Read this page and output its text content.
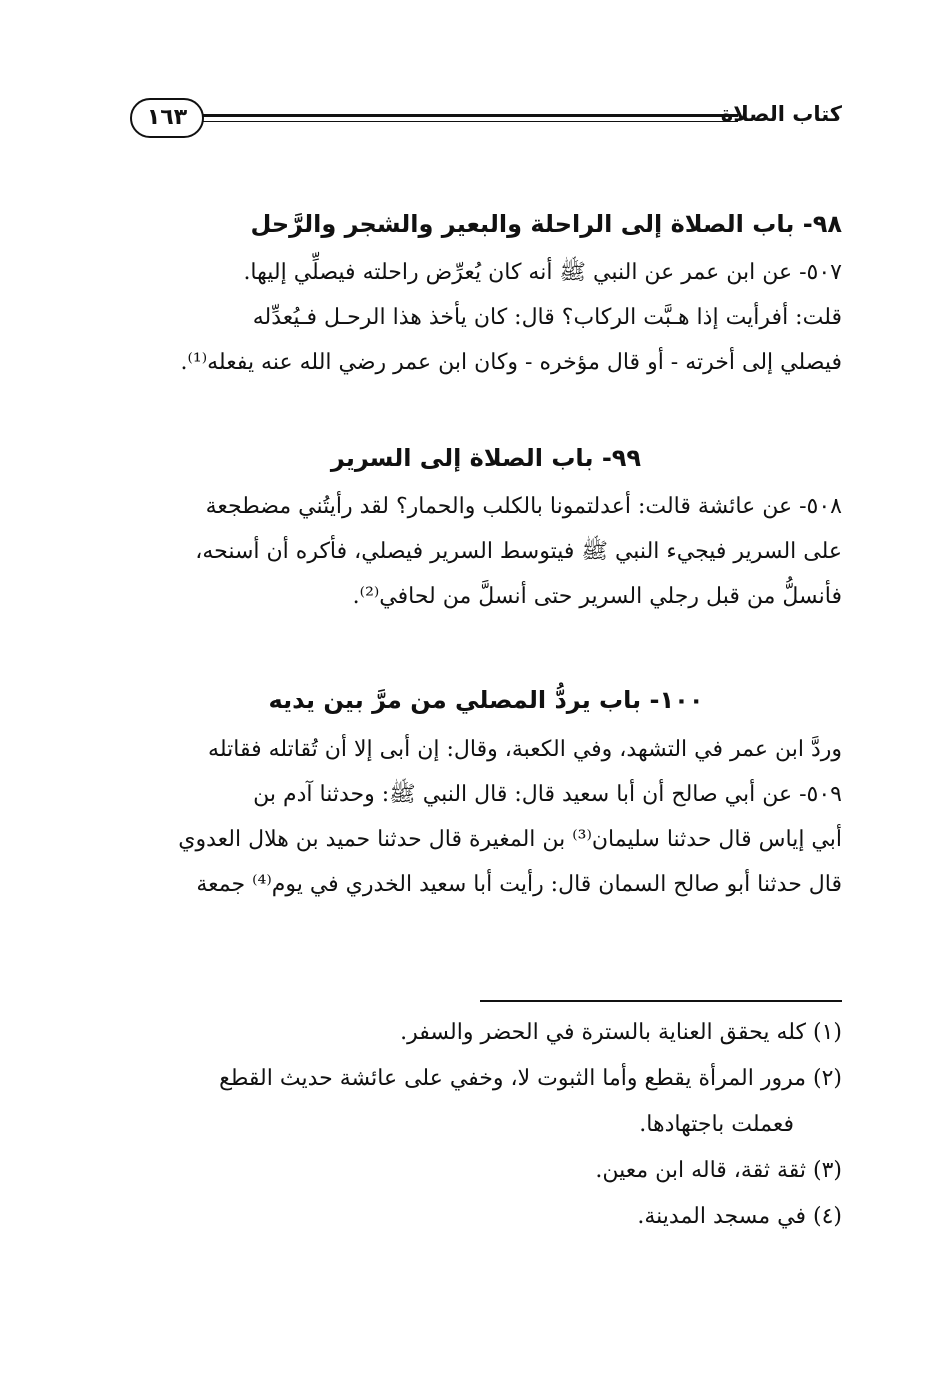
كتاب الصلاة
١٦٣
٩٨- باب الصلاة إلى الراحلة والبعير والشجر والرَّحل
٥٠٧- عن ابن عمر عن النبي ﷺ أنه كان يُعرِّض راحلته فيصلِّي إليها.
قلت: أفرأيت إذا هـبَّت الركاب؟ قال: كان يأخذ هذا الرحـل فـيُعدِّله
فيصلي إلى أخرته - أو قال مؤخره - وكان ابن عمر رضي الله عنه يفعله⁽¹⁾.
٩٩- باب الصلاة إلى السرير
٥٠٨- عن عائشة قالت: أعدلتمونا بالكلب والحمار؟ لقد رأيتُني مضطجعة
على السرير فيجيء النبي ﷺ فيتوسط السرير فيصلي، فأكره أن أسنحه،
فأنسلُّ من قبل رجلي السرير حتى أنسلَّ من لحافي⁽²⁾.
١٠٠- باب يردُّ المصلي من مرَّ بين يديه
وردَّ ابن عمر في التشهد، وفي الكعبة، وقال: إن أبى إلا أن تُقاتله فقاتله
٥٠٩- عن أبي صالح أن أبا سعيد قال: قال النبي ﷺ: وحدثنا آدم بن
أبي إياس قال حدثنا سليمان⁽³⁾ بن المغيرة قال حدثنا حميد بن هلال العدوي
قال حدثنا أبو صالح السمان قال: رأيت أبا سعيد الخدري في يوم⁽⁴⁾ جمعة
(١) كله يحقق العناية بالسترة في الحضر والسفر.
(٢) مرور المرأة يقطع وأما الثبوت لا، وخفي على عائشة حديث القطع
فعملت باجتهادها.
(٣) ثقة ثقة، قاله ابن معين.
(٤) في مسجد المدينة.
